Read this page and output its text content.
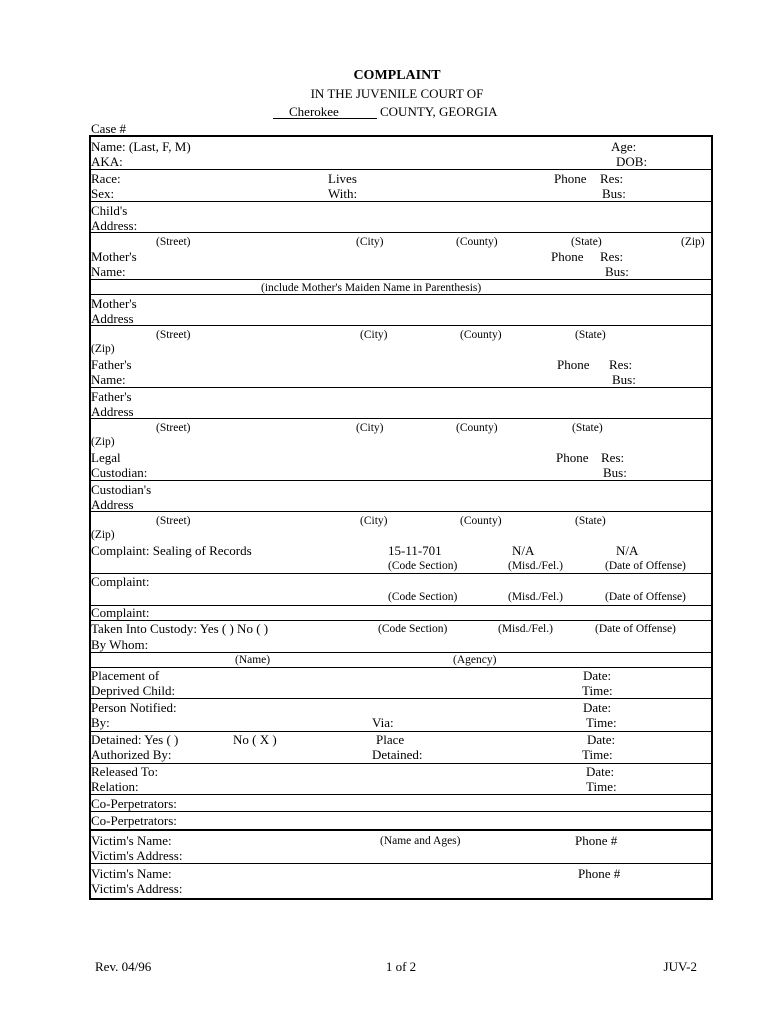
COMPLAINT
IN THE JUVENILE COURT OF
Cherokee	COUNTY, GEORGIA
Case #
Name: (Last, F, M)	Age:
AKA:	DOB:
Race:	Lives	Phone Res:
Sex:	With:	Bus:
Child's
Address:
(Street)	(City)	(County)	(State)	(Zip)
Mother's	Phone Res:
Name:	Bus:
(include Mother's Maiden Name in Parenthesis)
Mother's
Address
(Street)	(City)	(County)	(State)
(Zip)
Father's	Phone Res:
Name:	Bus:
Father's
Address
(Street)	(City)	(County)	(State)
(Zip)
Legal	Phone Res:
Custodian:	Bus:
Custodian's
Address
(Street)	(City)	(County)	(State)
(Zip)
Complaint: Sealing of Records	15-11-701	N/A	N/A
(Code Section)	(Misd./Fel.)	(Date of Offense)
Complaint:
(Code Section)	(Misd./Fel.)	(Date of Offense)
Complaint:
Taken Into Custody: Yes ( ) No ( )	(Code Section)	(Misd./Fel.)	(Date of Offense)
By Whom:
(Name)	(Agency)
Placement of	Date:
Deprived Child:	Time:
Person Notified:	Date:
By:	Via:	Time:
Detained: Yes ( )	No ( X )	Place	Date:
Authorized By:	Detained:	Time:
Released To:	Date:
Relation:	Time:
Co-Perpetrators:
Co-Perpetrators:
Victim's Name:	(Name and Ages)	Phone #
Victim's Address:
Victim's Name:	Phone #
Victim's Address:
Rev. 04/96	1 of 2	JUV-2
